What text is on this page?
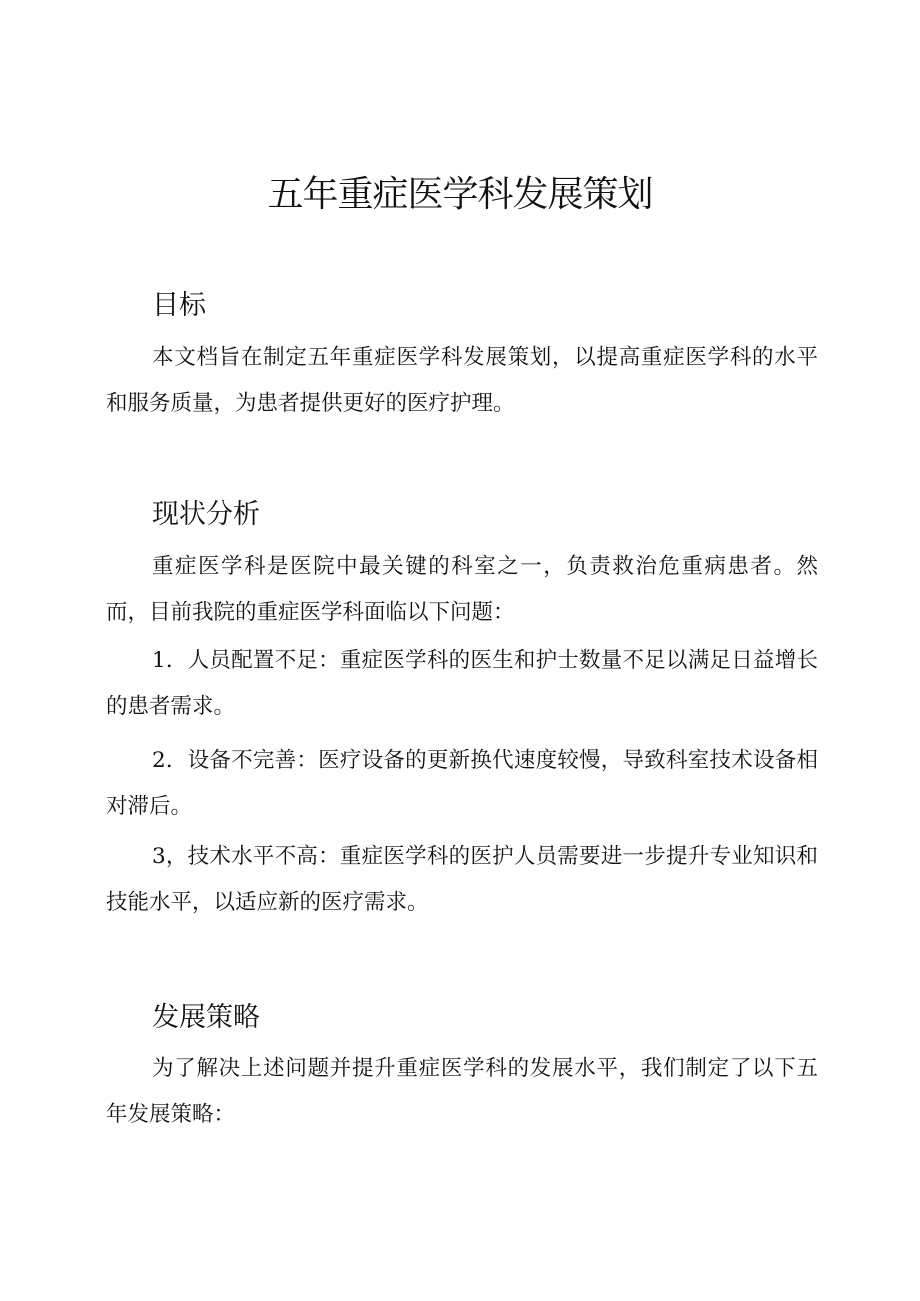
五年重症医学科发展策划
目标

本文档旨在制定五年重症医学科发展策划，以提高重症医学科的水平和服务质量，为患者提供更好的医疗护理。

现状分析

重症医学科是医院中最关键的科室之一，负责救治危重病患者。然而，目前我院的重症医学科面临以下问题：

1．人员配置不足：重症医学科的医生和护士数量不足以满足日益增长的患者需求。

2．设备不完善：医疗设备的更新换代速度较慢，导致科室技术设备相对滞后。

3，技术水平不高：重症医学科的医护人员需要进一步提升专业知识和技能水平，以适应新的医疗需求。

发展策略

为了解决上述问题并提升重症医学科的发展水平，我们制定了以下五年发展策略：
